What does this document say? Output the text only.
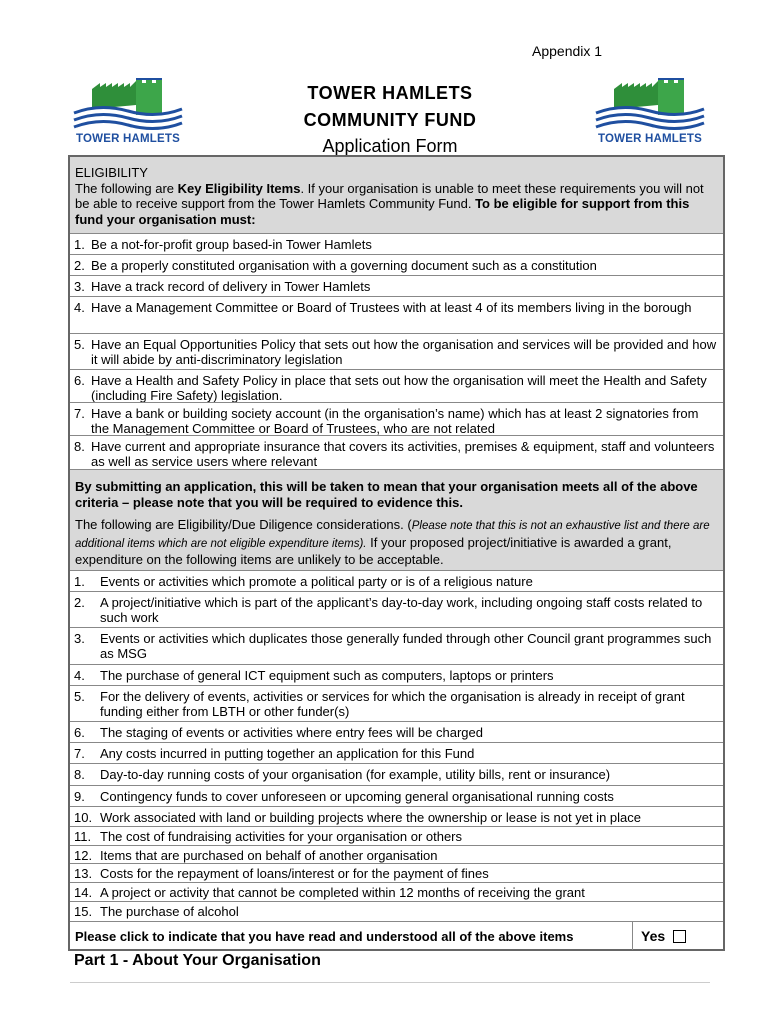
Appendix 1
TOWER HAMLETS	TOWER HAMLETS
TOWER HAMLETS
COMMUNITY FUND
Application Form
ELIGIBILITY
The following are Key Eligibility Items. If your organisation is unable to meet these requirements you will not be able to receive support from the Tower Hamlets Community Fund. To be eligible for support from this fund your organisation must:
1. Be a not-for-profit group based-in Tower Hamlets
2. Be a properly constituted organisation with a governing document such as a constitution
3. Have a track record of delivery in Tower Hamlets
4. Have a Management Committee or Board of Trustees with at least 4 of its members living in the borough
5. Have an Equal Opportunities Policy that sets out how the organisation and services will be provided and how it will abide by anti-discriminatory legislation
6. Have a Health and Safety Policy in place that sets out how the organisation will meet the Health and Safety (including Fire Safety) legislation.
7. Have a bank or building society account (in the organisation’s name) which has at least 2 signatories from the Management Committee or Board of Trustees, who are not related
8. Have current and appropriate insurance that covers its activities, premises & equipment, staff and volunteers as well as service users where relevant
By submitting an application, this will be taken to mean that your organisation meets all of the above criteria – please note that you will be required to evidence this.
The following are Eligibility/Due Diligence considerations. (Please note that this is not an exhaustive list and there are additional items which are not eligible expenditure items). If your proposed project/initiative is awarded a grant, expenditure on the following items are unlikely to be acceptable.
1. Events or activities which promote a political party or is of a religious nature
2. A project/initiative which is part of the applicant’s day-to-day work, including ongoing staff costs related to such work
3. Events or activities which duplicates those generally funded through other Council grant programmes such as MSG
4. The purchase of general ICT equipment such as computers, laptops or printers
5. For the delivery of events, activities or services for which the organisation is already in receipt of grant funding either from LBTH or other funder(s)
6. The staging of events or activities where entry fees will be charged
7. Any costs incurred in putting together an application for this Fund
8. Day-to-day running costs of your organisation (for example, utility bills, rent or insurance)
9. Contingency funds to cover unforeseen or upcoming general organisational running costs
10. Work associated with land or building projects where the ownership or lease is not yet in place
11. The cost of fundraising activities for your organisation or others
12. Items that are purchased on behalf of another organisation
13. Costs for the repayment of loans/interest or for the payment of fines
14. A project or activity that cannot be completed within 12 months of receiving the grant
15. The purchase of alcohol
Please click to indicate that you have read and understood all of the above items	Yes
Part 1 - About Your Organisation
